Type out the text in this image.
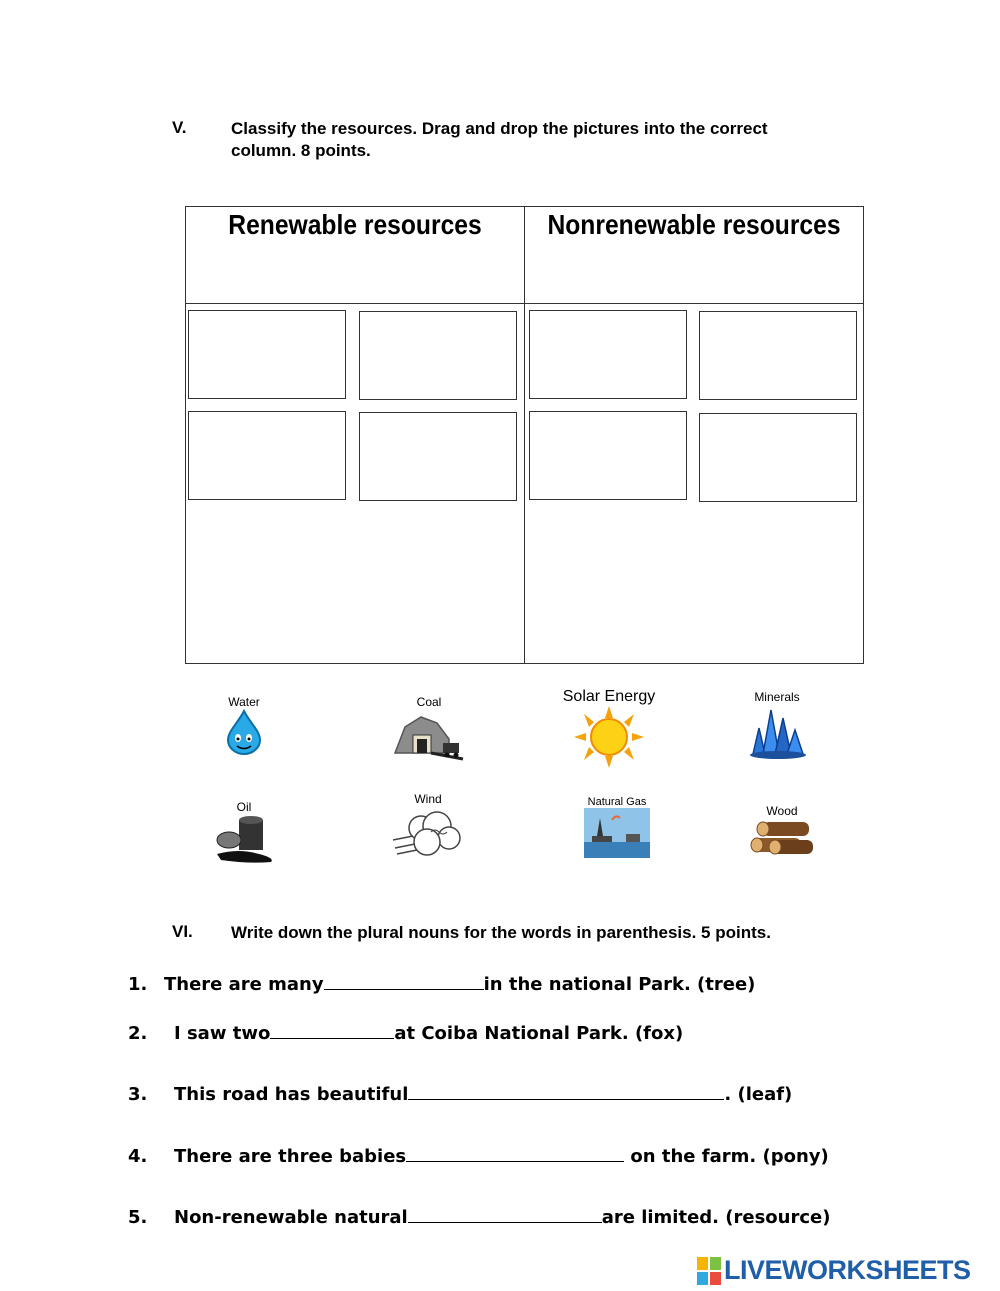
V.	Classify the resources. Drag and drop the pictures into the correct
column. 8 points.
Renewable resources	Nonrenewable resources
Water	Coal	Solar Energy	Minerals
Oil
Wind	Natural Gas
Wood
VI. Write down the plural nouns for the words in parenthesis. 5 points.
1. There are many	in the national Park. (tree)
2. I saw two	at Coiba National Park. (fox)
3. This road has beautiful	. (leaf)
4. There are three babies	on the farm. (pony)
5. Non-renewable natural	are limited. (resource)
LIVEWORKSHEETS
